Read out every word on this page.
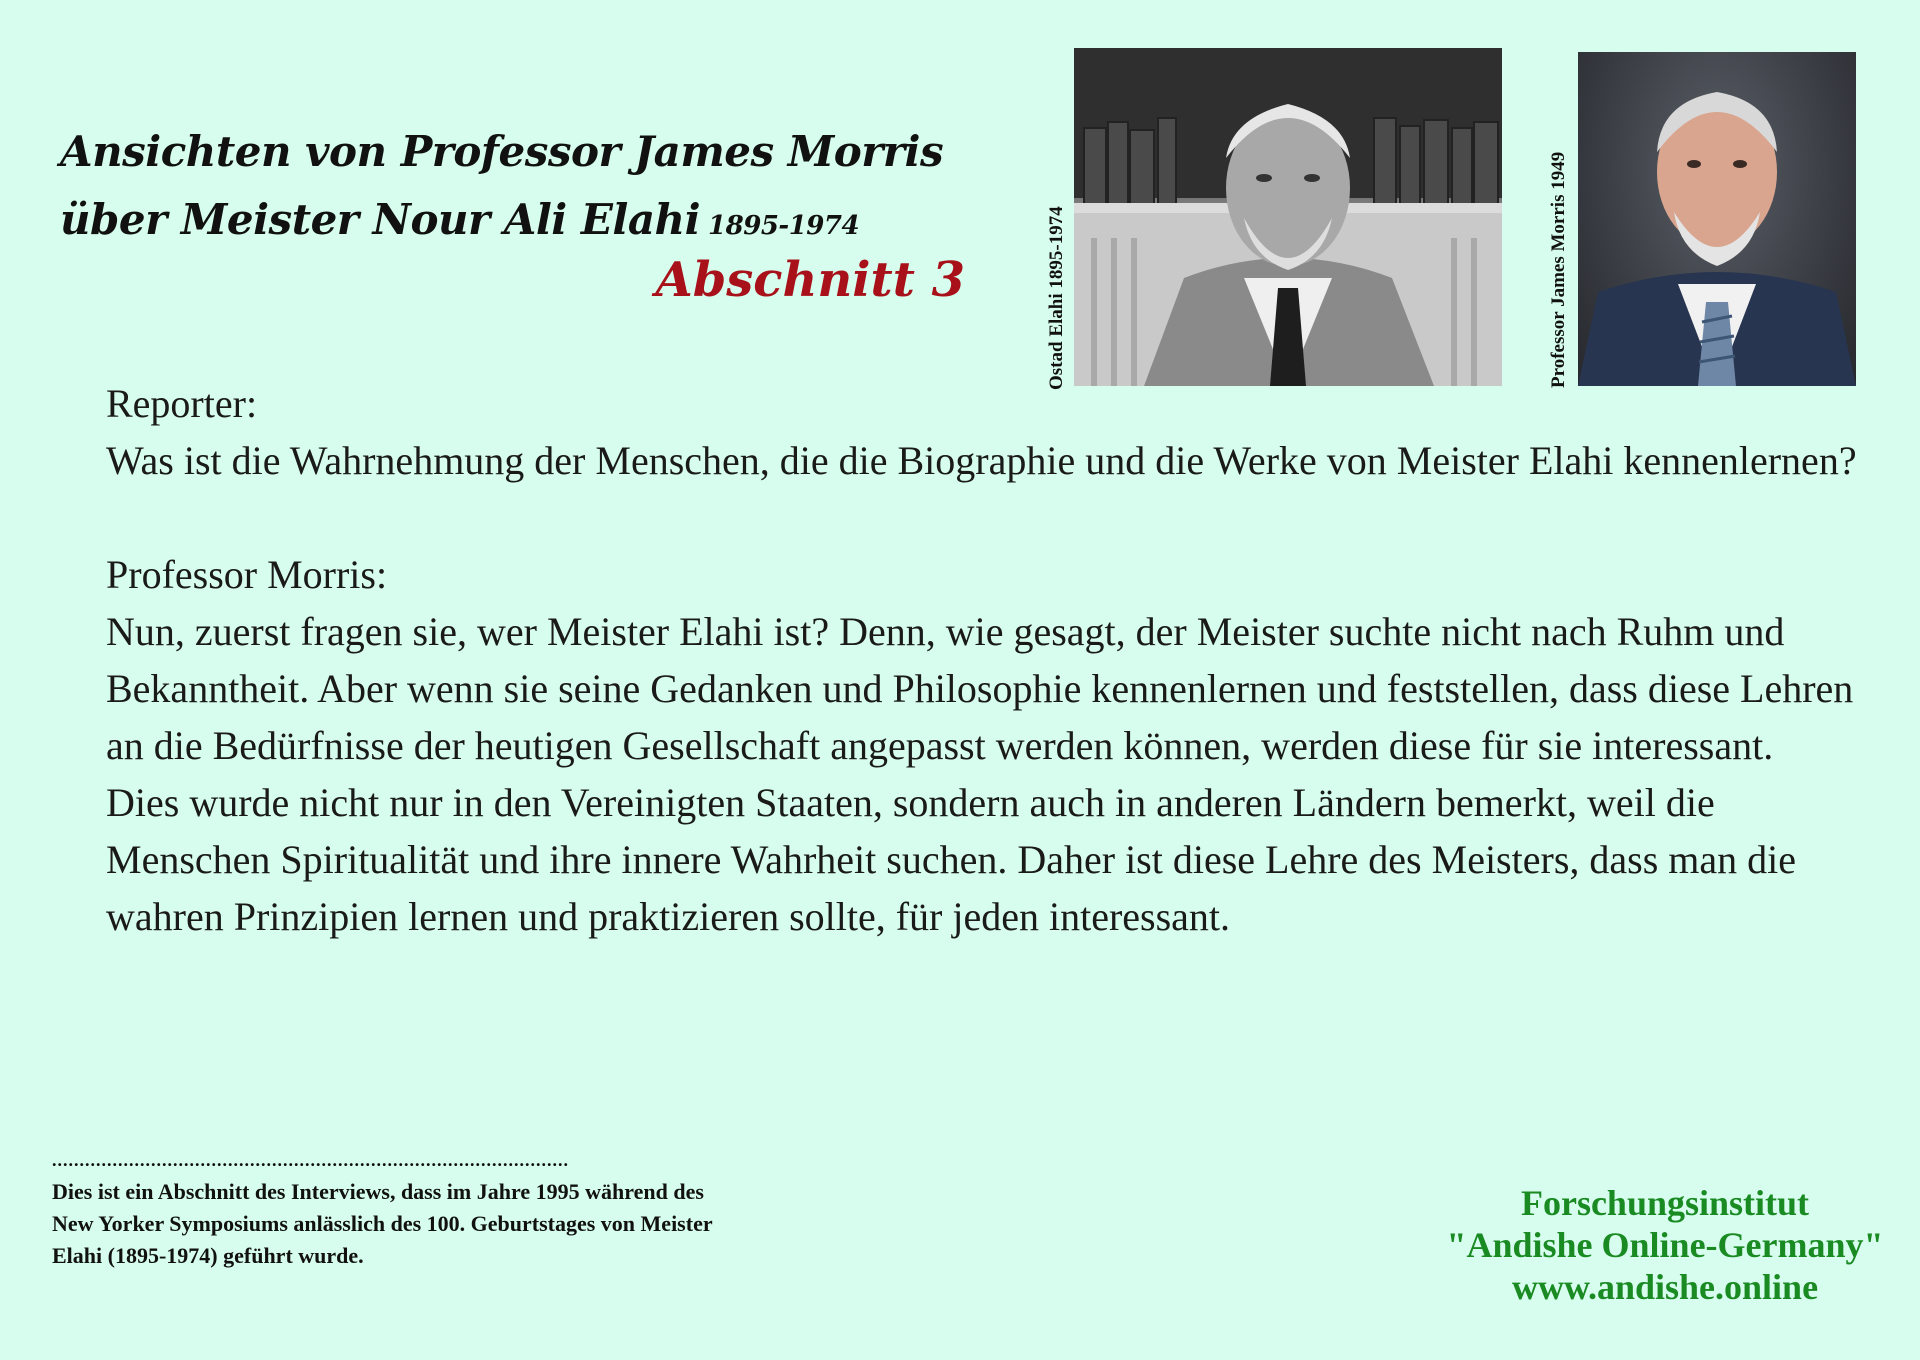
Ansichten von Professor James Morris
über Meister Nour Ali Elahi 1895-1974
Abschnitt 3	Ostad Elahi 1895-1974	Professor James Morris 1949

Reporter:

Was ist die Wahrnehmung der Menschen, die die Biographie und die Werke von Meister Elahi kennenlernen?

Professor Morris:

Nun, zuerst fragen sie, wer Meister Elahi ist? Denn, wie gesagt, der Meister suchte nicht nach Ruhm und Bekanntheit. Aber wenn sie seine Gedanken und Philosophie kennenlernen und feststellen, dass diese Lehren an die Bedürfnisse der heutigen Gesellschaft angepasst werden können, werden diese für sie interessant.

Dies wurde nicht nur in den Vereinigten Staaten, sondern auch in anderen Ländern bemerkt, weil die Menschen Spiritualität und ihre innere Wahrheit suchen. Daher ist diese Lehre des Meisters, dass man die wahren Prinzipien lernen und praktizieren sollte, für jeden interessant.

..............................................................................................
Dies ist ein Abschnitt des Interviews, dass im Jahre 1995 während des New Yorker Symposiums anlässlich des 100. Geburtstages von Meister Elahi (1895-1974) geführt wurde.
Forschungsinstitut
"Andishe Online-Germany"
www.andishe.online
